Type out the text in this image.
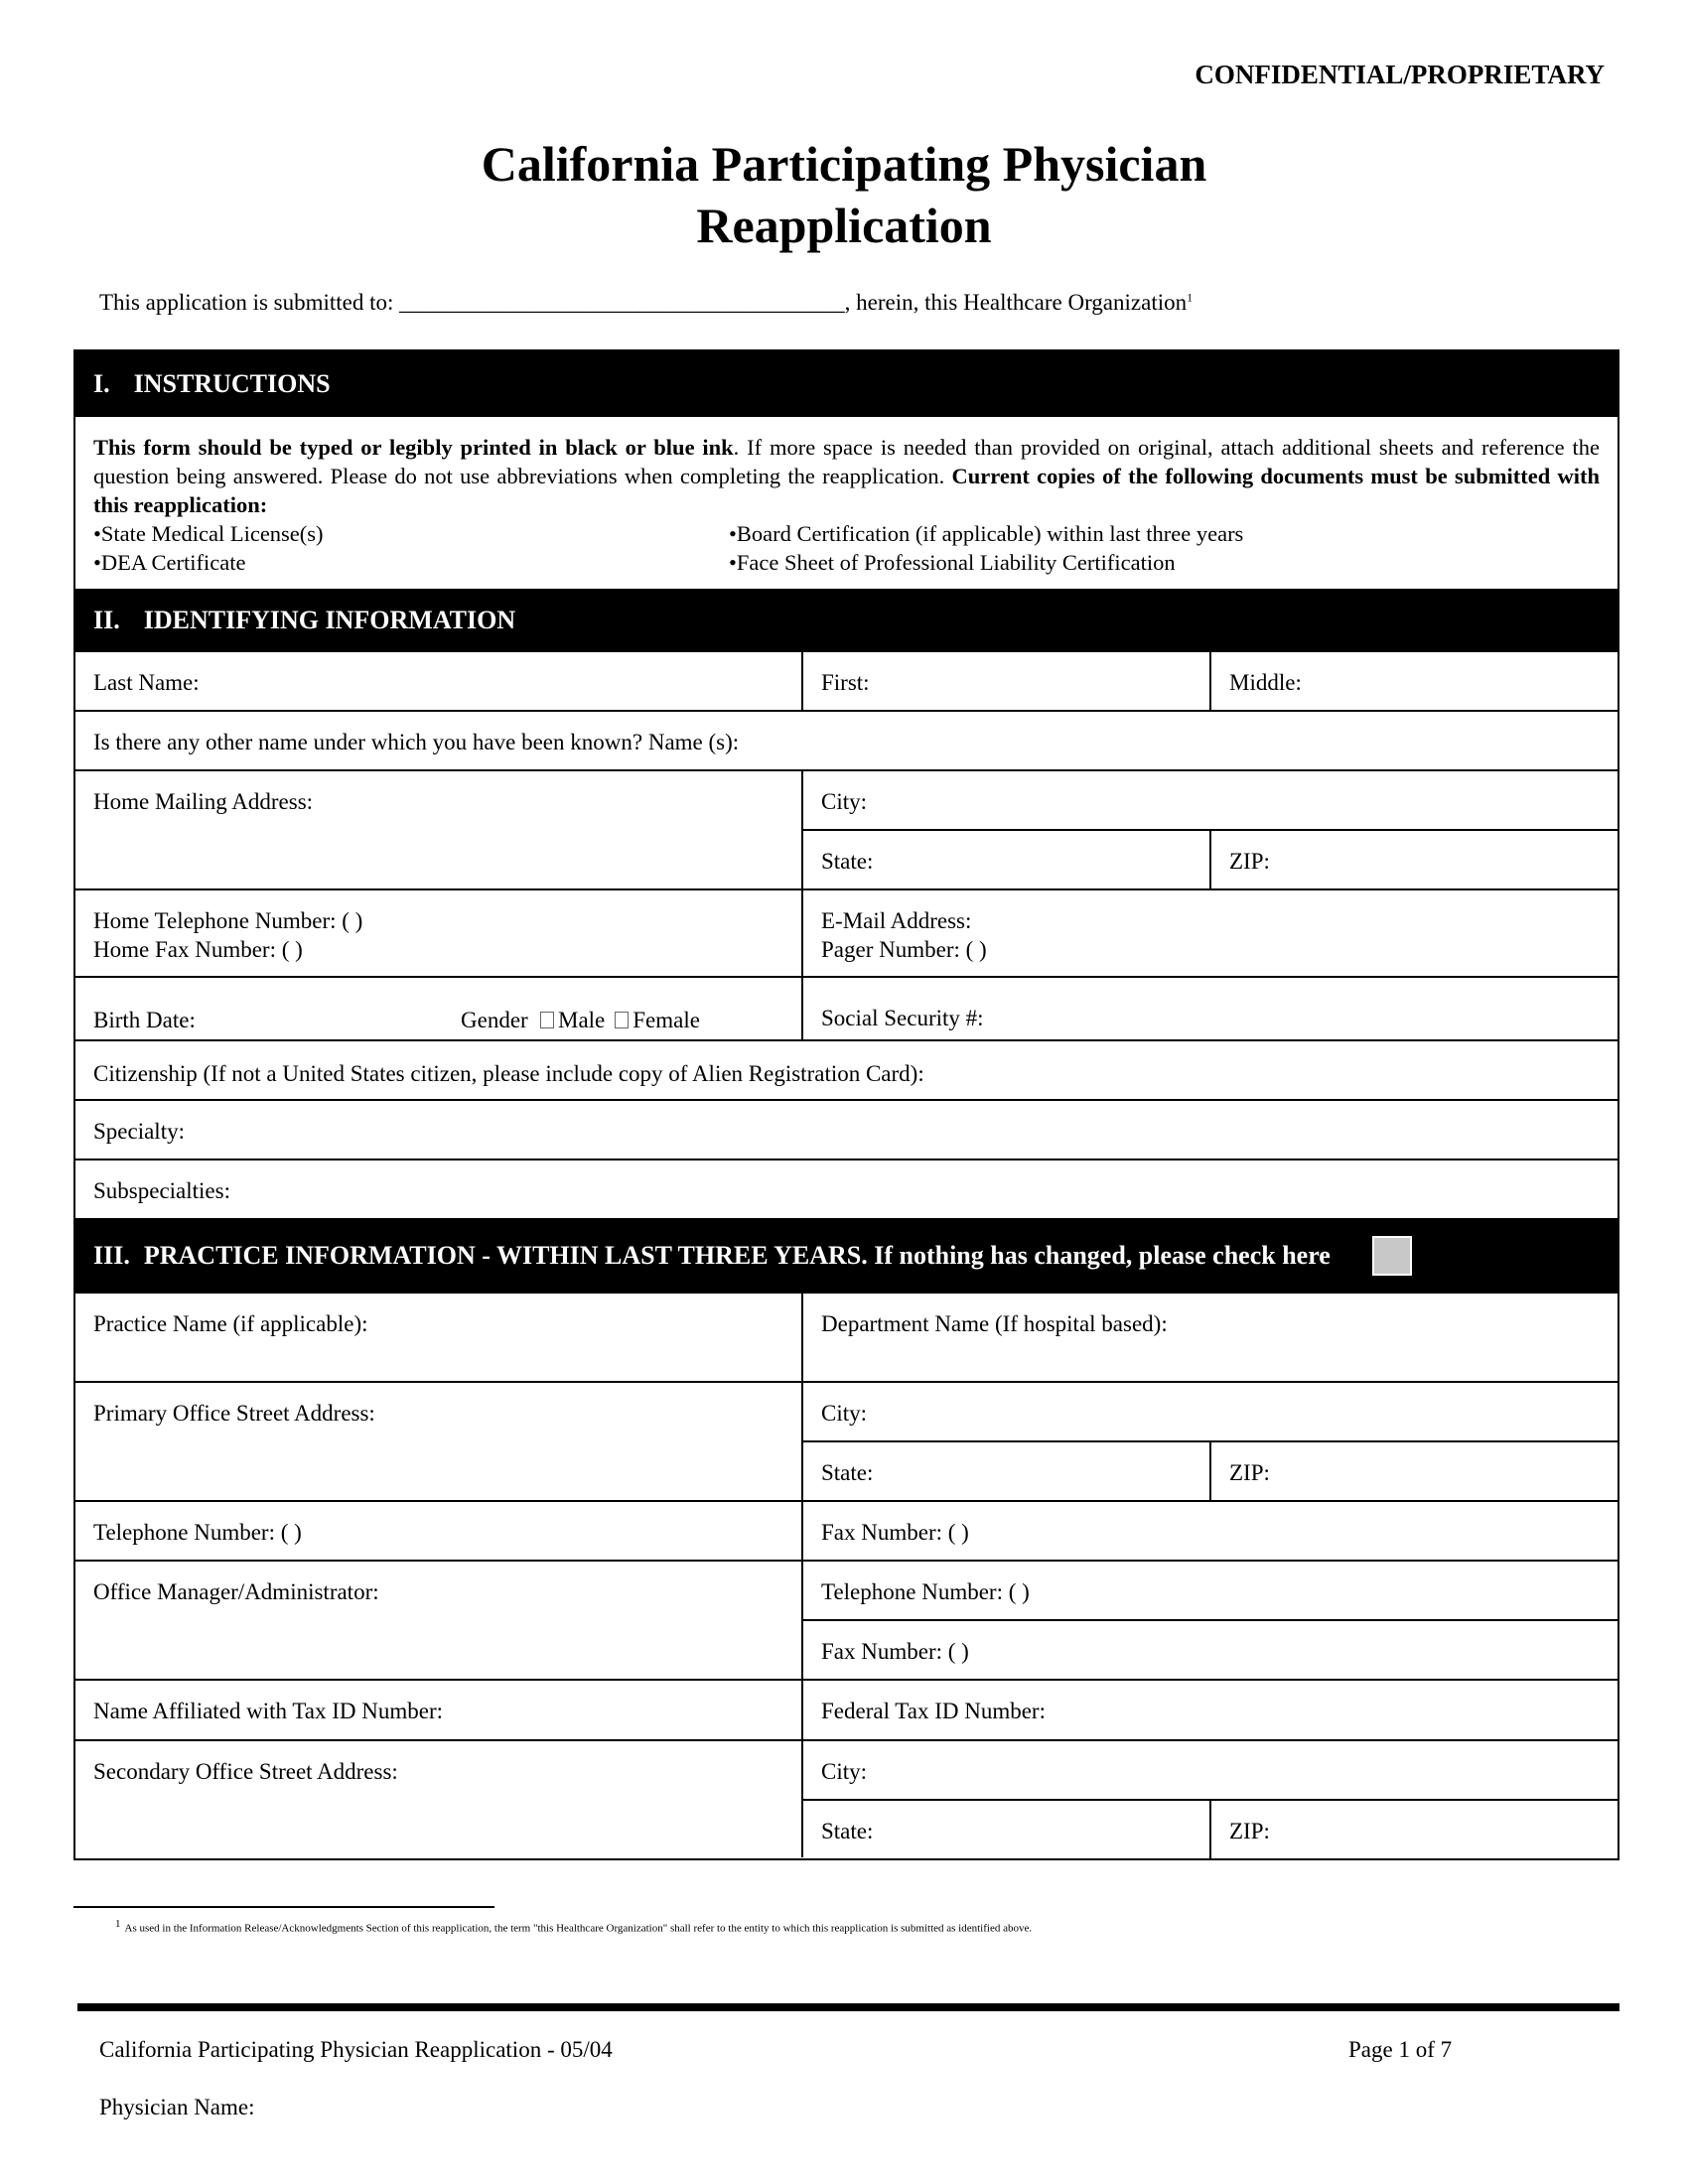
CONFIDENTIAL/PROPRIETARY
California Participating Physician
Reapplication
This application is submitted to: _______________________________________, herein, this Healthcare Organization$^1$
I. INSTRUCTIONS
This form should be typed or legibly printed in black or blue ink. If more space is needed than provided on original, attach additional sheets and reference the question being answered. Please do not use abbreviations when completing the reapplication. Current copies of the following documents must be submitted with this reapplication:
•State Medical License(s)
•DEA Certificate
•Board Certification (if applicable) within last three years
•Face Sheet of Professional Liability Certification
II. IDENTIFYING INFORMATION
Last Name:	First:	Middle:
Is there any other name under which you have been known? Name (s):
Home Mailing Address:	City:
State:	ZIP:
Home Telephone Number: ( )
Home Fax Number: ( )
E-Mail Address:
Pager Number: ( )
Birth Date:	Gender Male Female	Social Security #:
Citizenship (If not a United States citizen, please include copy of Alien Registration Card):
Specialty:
Subspecialties:
III. PRACTICE INFORMATION - WITHIN LAST THREE YEARS. If nothing has changed, please check here
Practice Name (if applicable):	Department Name (If hospital based):
Primary Office Street Address:	City:
State:	ZIP:
Telephone Number: ( )	Fax Number: ( )
Office Manager/Administrator:	Telephone Number: ( )
Fax Number: ( )
Name Affiliated with Tax ID Number:	Federal Tax ID Number:
Secondary Office Street Address:	City:
State:	ZIP:
$^1$ As used in the Information Release/Acknowledgments Section of this reapplication, the term "this Healthcare Organization" shall refer to the entity to which this reapplication is submitted as identified above.
California Participating Physician Reapplication - 05/04	Page 1 of 7
Physician Name:
